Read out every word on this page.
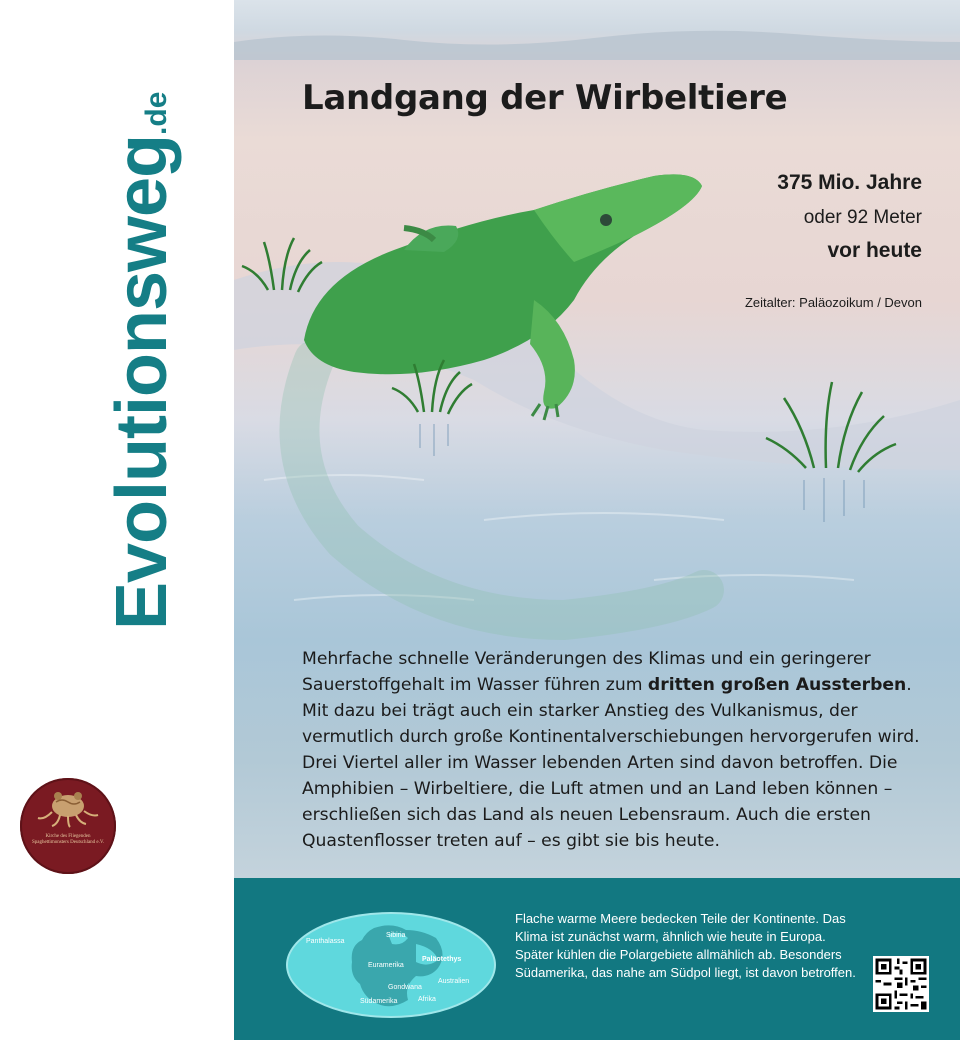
Evolutionsweg.de
Kirche des Fliegenden Spaghettimonsters Deutschland e.V.
Landgang der Wirbeltiere
375 Mio. Jahre
oder 92 Meter
vor heute
Zeitalter: Paläozoikum / Devon

Mehrfache schnelle Veränderungen des Klimas und ein geringerer Sauerstoffgehalt im Wasser führen zum dritten großen Aussterben. Mit dazu bei trägt auch ein starker Anstieg des Vulkanismus, der vermutlich durch große Kontinentalverschiebungen hervorgerufen wird. Drei Viertel aller im Wasser lebenden Arten sind davon betroffen. Die Amphibien – Wirbeltiere, die Luft atmen und an Land leben können – erschließen sich das Land als neuen Lebensraum. Auch die ersten Quastenflosser treten auf – es gibt sie bis heute.

Panthalassa
Sibiria
Euramerika
Paläotethys
Gondwana
Afrika
Südamerika
Australien

Flache warme Meere bedecken Teile der Kontinente. Das Klima ist zunächst warm, ähnlich wie heute in Europa. Später kühlen die Polargebiete allmählich ab. Besonders Südamerika, das nahe am Südpol liegt, ist davon betroffen.
